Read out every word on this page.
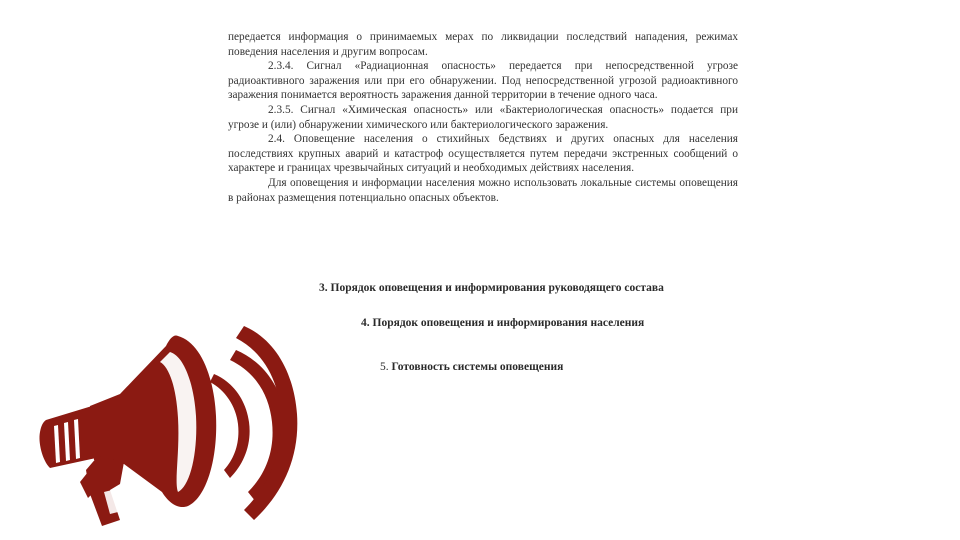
передается информация о принимаемых мерах по ликвидации последствий нападения, режимах поведения населения и другим вопросам.

2.3.4. Сигнал «Радиационная опасность» передается при непосредственной угрозе радиоактивного заражения или при его обнаружении. Под непосредственной угрозой радиоактивного заражения понимается вероятность заражения данной территории в течение одного часа.

2.3.5. Сигнал «Химическая опасность» или «Бактериологическая опасность» подается при угрозе и (или) обнаружении химического или бактериологического заражения.

2.4. Оповещение населения о стихийных бедствиях и других опасных для населения последствиях крупных аварий и катастроф осуществляется путем передачи экстренных сообщений о характере и границах чрезвычайных ситуаций и необходимых действиях населения.

Для оповещения и информации населения можно использовать локальные системы оповещения в районах размещения потенциально опасных объектов.

3. Порядок оповещения и информирования руководящего состава
4. Порядок оповещения и информирования населения
5. Готовность системы оповещения
